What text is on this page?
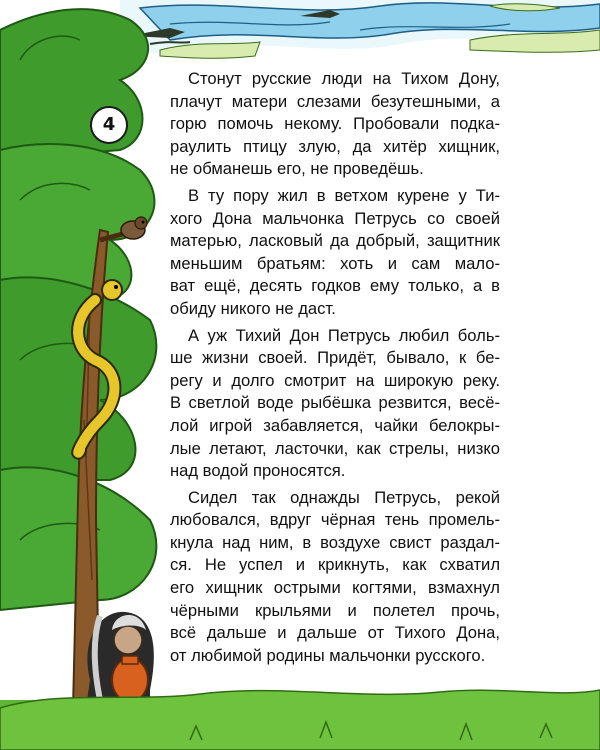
4

Стонут русские люди на Тихом Дону,
плачут матери слезами безутешными, а
горю помочь некому. Пробовали подка-
раулить птицу злую, да хитёр хищник,
не обманешь его, не проведёшь.

В ту пору жил в ветхом курене у Ти-
хого Дона мальчонка Петрусь со своей
матерью, ласковый да добрый, защитник
меньшим братьям: хоть и сам мало-
ват ещё, десять годков ему только, а в
обиду никого не даст.

А уж Тихий Дон Петрусь любил боль-
ше жизни своей. Придёт, бывало, к бе-
регу и долго смотрит на широкую реку.
В светлой воде рыбёшка резвится, весё-
лой игрой забавляется, чайки белокры-
лые летают, ласточки, как стрелы, низко
над водой проносятся.

Сидел так однажды Петрусь, рекой
любовался, вдруг чёрная тень промель-
кнула над ним, в воздухе свист раздал-
ся. Не успел и крикнуть, как схватил
его хищник острыми когтями, взмахнул
чёрными крыльями и полетел прочь,
всё дальше и дальше от Тихого Дона,
от любимой родины мальчонки русского.
